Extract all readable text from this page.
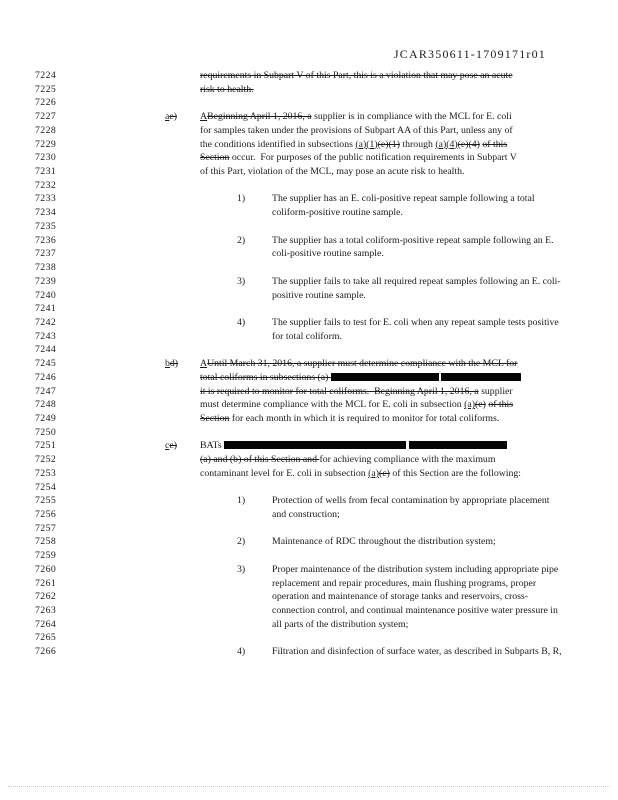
JCAR350611-1709171r01
7224	requirements in Subpart V of this Part, this is a violation that may pose an acute
7225	risk to health.
7226
7227	ae) ABeginning April 1, 2016, a supplier is in compliance with the MCL for E. coli
7228	for samples taken under the provisions of Subpart AA of this Part, unless any of
7229	the conditions identified in subsections (a)(1)(e)(1) through (a)(4)(e)(4) of this
7230	Section occur.  For purposes of the public notification requirements in Subpart V
7231	of this Part, violation of the MCL, may pose an acute risk to health.
7232
7233	1)	The supplier has an E. coli-positive repeat sample following a total
7234	coliform-positive routine sample.
7235
7236	2)	The supplier has a total coliform-positive repeat sample following an E.
7237	coli-positive routine sample.
7238
7239	3)	The supplier fails to take all required repeat samples following an E. coli-
7240	positive routine sample.
7241
7242	4)	The supplier fails to test for E. coli when any repeat sample tests positive
7243	for total coliform.
7244
7245	bd) AUntil March 31, 2016, a supplier must determine compliance with the MCL for
7246	total coliforms in subsections (a)
7247	it is required to monitor for total coliforms.  Beginning April 1, 2016, a supplier
7248	must determine compliance with the MCL for E. coli in subsection (a)(e) of this
7249	Section for each month in which it is required to monitor for total coliforms.
7250
7251	ce) BATs
7252	(a) and (b) of this Section and for achieving compliance with the maximum
7253	contaminant level for E. coli in subsection (a)(c) of this Section are the following:
7254
7255	1)	Protection of wells from fecal contamination by appropriate placement
7256	and construction;
7257
7258	2)	Maintenance of RDC throughout the distribution system;
7259
7260	3)	Proper maintenance of the distribution system including appropriate pipe
7261	replacement and repair procedures, main flushing programs, proper
7262	operation and maintenance of storage tanks and reservoirs, cross-
7263	connection control, and continual maintenance positive water pressure in
7264	all parts of the distribution system;
7265
7266	4)	Filtration and disinfection of surface water, as described in Subparts B, R,
